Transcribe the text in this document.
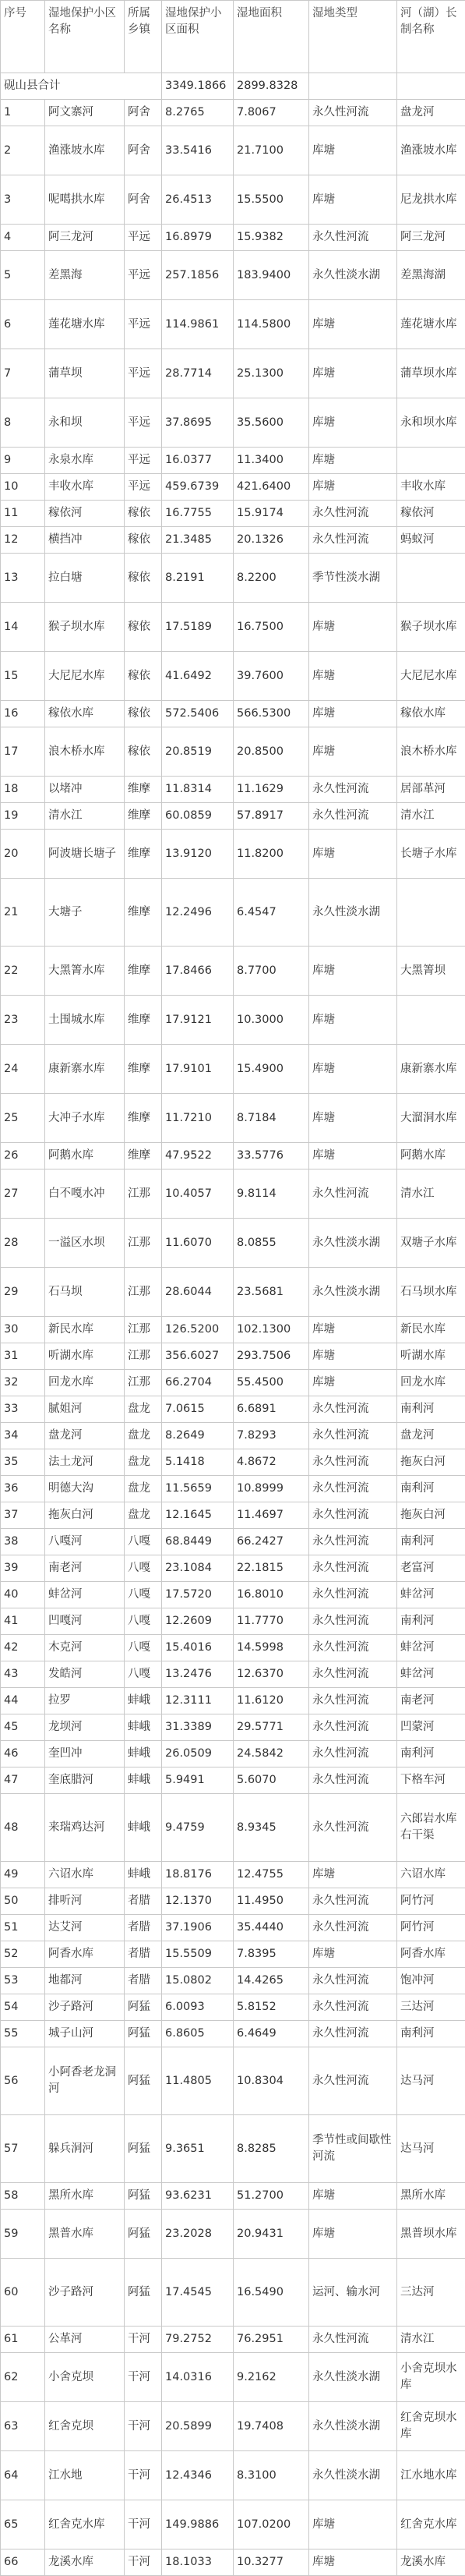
序号	湿地保护小区名称	所属乡镇	湿地保护小区面积	湿地面积	湿地类型	河（湖）长制名称
砚山县合计			3349.1866	2899.8328		
1	阿文寨河	阿舍	8.2765	7.8067	永久性河流	盘龙河
2	渔涨坡水库	阿舍	33.5416	21.7100	库塘	渔涨坡水库
3	呢噶拱水库	阿舍	26.4513	15.5500	库塘	尼龙拱水库
4	阿三龙河	平远	16.8979	15.9382	永久性河流	阿三龙河
5	差黑海	平远	257.1856	183.9400	永久性淡水湖	差黑海湖
6	莲花塘水库	平远	114.9861	114.5800	库塘	莲花塘水库
7	蒲草坝	平远	28.7714	25.1300	库塘	蒲草坝水库
8	永和坝	平远	37.8695	35.5600	库塘	永和坝水库
9	永泉水库	平远	16.0377	11.3400	库塘	
10	丰收水库	平远	459.6739	421.6400	库塘	丰收水库
11	稼依河	稼依	16.7755	15.9174	永久性河流	稼依河
12	横挡冲	稼依	21.3485	20.1326	永久性河流	蚂蚁河
13	拉白塘	稼依	8.2191	8.2200	季节性淡水湖	
14	猴子坝水库	稼依	17.5189	16.7500	库塘	猴子坝水库
15	大尼尼水库	稼依	41.6492	39.7600	库塘	大尼尼水库
16	稼依水库	稼依	572.5406	566.5300	库塘	稼依水库
17	浪木桥水库	稼依	20.8519	20.8500	库塘	浪木桥水库
18	以堵冲	维摩	11.8314	11.1629	永久性河流	居部革河
19	清水江	维摩	60.0859	57.8917	永久性河流	清水江
20	阿波塘长塘子	维摩	13.9120	11.8200	库塘	长塘子水库
21	大塘子	维摩	12.2496	6.4547	永久性淡水湖	
22	大黑箐水库	维摩	17.8466	8.7700	库塘	大黑箐坝
23	土围城水库	维摩	17.9121	10.3000	库塘	
24	康新寨水库	维摩	17.9101	15.4900	库塘	康新寨水库
25	大冲子水库	维摩	11.7210	8.7184	库塘	大溜洞水库
26	阿鹅水库	维摩	47.9522	33.5776	库塘	阿鹅水库
27	白不嘎水冲	江那	10.4057	9.8114	永久性河流	清水江
28	一溢区水坝	江那	11.6070	8.0855	永久性淡水湖	双塘子水库
29	石马坝	江那	28.6044	23.5681	永久性淡水湖	石马坝水库
30	新民水库	江那	126.5200	102.1300	库塘	新民水库
31	听湖水库	江那	356.6027	293.7506	库塘	听湖水库
32	回龙水库	江那	66.2704	55.4500	库塘	回龙水库
33	腻姐河	盘龙	7.0615	6.6891	永久性河流	南利河
34	盘龙河	盘龙	8.2649	7.8293	永久性河流	盘龙河
35	法土龙河	盘龙	5.1418	4.8672	永久性河流	拖灰白河
36	明德大沟	盘龙	11.5659	10.8999	永久性河流	南利河
37	拖灰白河	盘龙	12.1645	11.4697	永久性河流	拖灰白河
38	八嘎河	八嘎	68.8449	66.2427	永久性河流	南利河
39	南老河	八嘎	23.1084	22.1815	永久性河流	老富河
40	蚌岔河	八嘎	17.5720	16.8010	永久性河流	蚌岔河
41	凹嘎河	八嘎	12.2609	11.7770	永久性河流	南利河
42	木克河	八嘎	15.4016	14.5998	永久性河流	蚌岔河
43	发皓河	八嘎	13.2476	12.6370	永久性河流	蚌岔河
44	拉罗	蚌峨	12.3111	11.6120	永久性河流	南老河
45	龙坝河	蚌峨	31.3389	29.5771	永久性河流	凹蒙河
46	奎凹冲	蚌峨	26.0509	24.5842	永久性河流	南利河
47	奎底腊河	蚌峨	5.9491	5.6070	永久性河流	下格车河
48	来瑞鸡达河	蚌峨	9.4759	8.9345	永久性河流	六郎岩水库右干渠
49	六诏水库	蚌峨	18.8176	12.4755	库塘	六诏水库
50	排听河	者腊	12.1370	11.4950	永久性河流	阿竹河
51	达艾河	者腊	37.1906	35.4440	永久性河流	阿竹河
52	阿香水库	者腊	15.5509	7.8395	库塘	阿香水库
53	地都河	者腊	15.0802	14.4265	永久性河流	饱冲河
54	沙子路河	阿猛	6.0093	5.8152	永久性河流	三达河
55	城子山河	阿猛	6.8605	6.4649	永久性河流	南利河
56	小阿香老龙洞河	阿猛	11.4805	10.8304	永久性河流	达马河
57	躲兵洞河	阿猛	9.3651	8.8285	季节性或间歇性河流	达马河
58	黑所水库	阿猛	93.6231	51.2700	库塘	黑所水库
59	黑普水库	阿猛	23.2028	20.9431	库塘	黑普坝水库
60	沙子路河	阿猛	17.4545	16.5490	运河、输水河	三达河
61	公革河	干河	79.2752	76.2951	永久性河流	清水江
62	小舍克坝	干河	14.0316	9.2162	永久性淡水湖	小舍克坝水库
63	红舍克坝	干河	20.5899	19.7408	永久性淡水湖	红舍克坝水库
64	江水地	干河	12.4346	8.3100	永久性淡水湖	江水地水库
65	红舍克水库	干河	149.9886	107.0200	库塘	红舍克水库
66	龙溪水库	干河	18.1033	10.3277	库塘	龙溪水库
